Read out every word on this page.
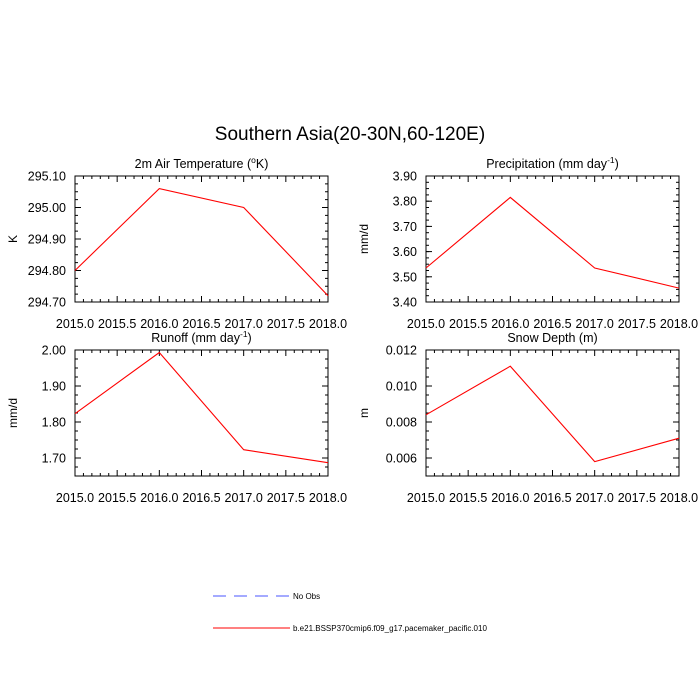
Southern Asia(20-30N,60-120E)
2m Air Temperature ($^o$K)
K
2015.0 2015.5 2016.0 2016.5 2017.0 2017.5 2018.0
294.70
294.80
294.90
295.00
295.10
Precipitation (mm day$^{-1}$)
mm/d
2015.0 2015.5 2016.0 2016.5 2017.0 2017.5 2018.0
3.40
3.50
3.60
3.70
3.80
3.90
Runoff (mm day$^{-1}$)
mm/d
2015.0 2015.5 2016.0 2016.5 2017.0 2017.5 2018.0
1.70
1.80
1.90
2.00
Snow Depth (m)
m
2015.0 2015.5 2016.0 2016.5 2017.0 2017.5 2018.0
0.006
0.008
0.010
0.012
No Obs
b.e21.BSSP370cmip6.f09_g17.pacemaker_pacific.010
